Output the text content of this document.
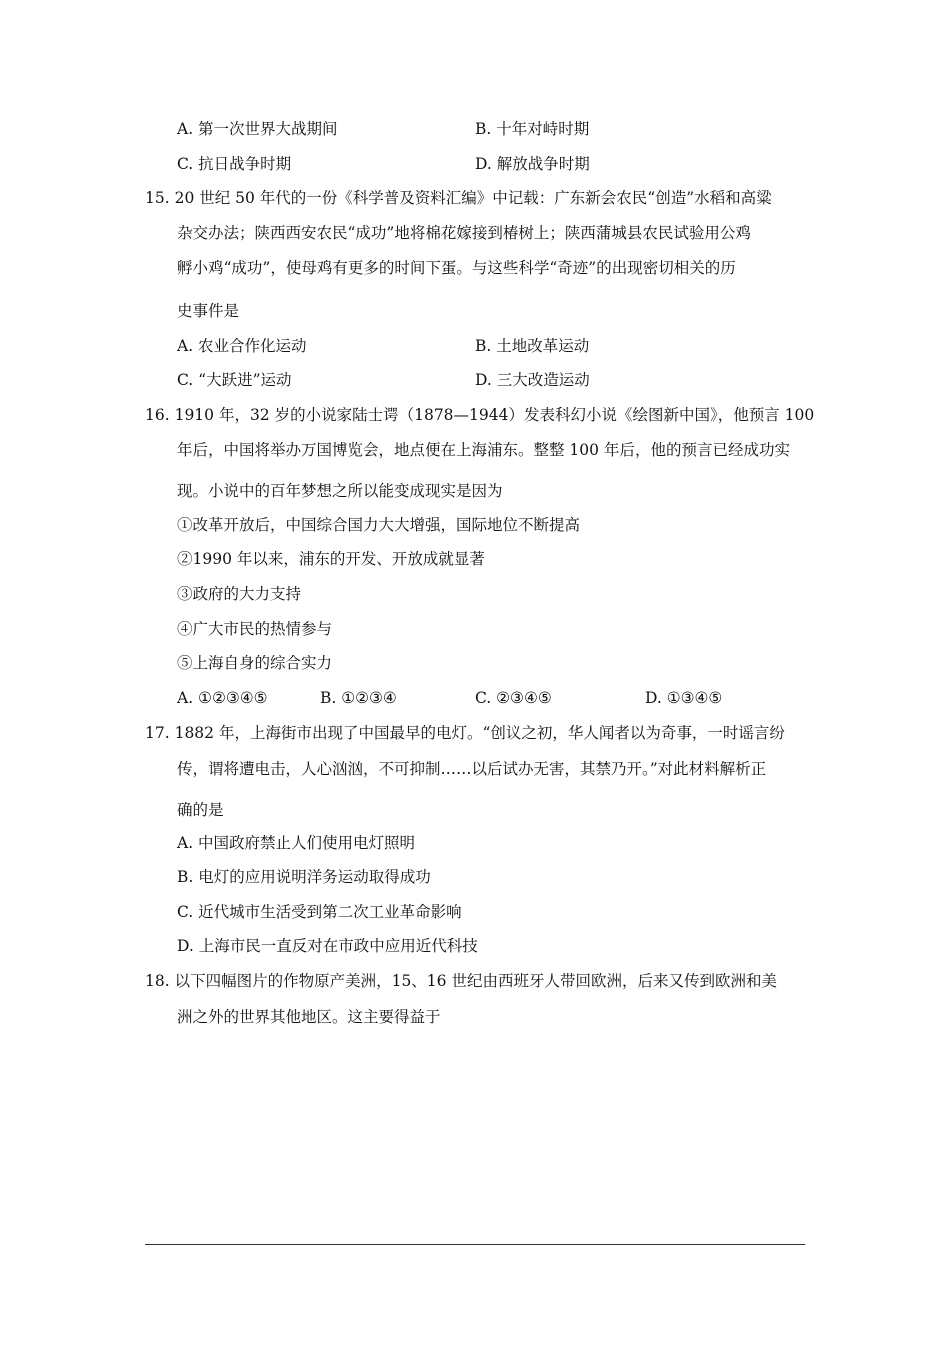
A. 第一次世界大战期间	B. 十年对峙时期
C. 抗日战争时期	D. 解放战争时期
15. 20 世纪 50 年代的一份《科学普及资料汇编》中记载：广东新会农民“创造”水稻和高粱
杂交办法；陕西西安农民“成功”地将棉花嫁接到椿树上；陕西蒲城县农民试验用公鸡
孵小鸡“成功”，使母鸡有更多的时间下蛋。与这些科学“奇迹”的出现密切相关的历
史事件是
A. 农业合作化运动	B. 土地改革运动
C. “大跃进”运动	D. 三大改造运动
16. 1910 年，32 岁的小说家陆士谔（1878—1944）发表科幻小说《绘图新中国》，他预言 100
年后，中国将举办万国博览会，地点便在上海浦东。整整 100 年后，他的预言已经成功实
现。小说中的百年梦想之所以能变成现实是因为
①改革开放后，中国综合国力大大增强，国际地位不断提高
②1990 年以来，浦东的开发、开放成就显著
③政府的大力支持
④广大市民的热情参与
⑤上海自身的综合实力
A. ①②③④⑤	B. ①②③④	C. ②③④⑤	D. ①③④⑤
17. 1882 年，上海街市出现了中国最早的电灯。“创议之初，华人闻者以为奇事，一时谣言纷
传，谓将遭电击，人心汹汹，不可抑制……以后试办无害，其禁乃开。”对此材料解析正
确的是
A. 中国政府禁止人们使用电灯照明
B. 电灯的应用说明洋务运动取得成功
C. 近代城市生活受到第二次工业革命影响
D. 上海市民一直反对在市政中应用近代科技
18. 以下四幅图片的作物原产美洲，15、16 世纪由西班牙人带回欧洲，后来又传到欧洲和美
洲之外的世界其他地区。这主要得益于
